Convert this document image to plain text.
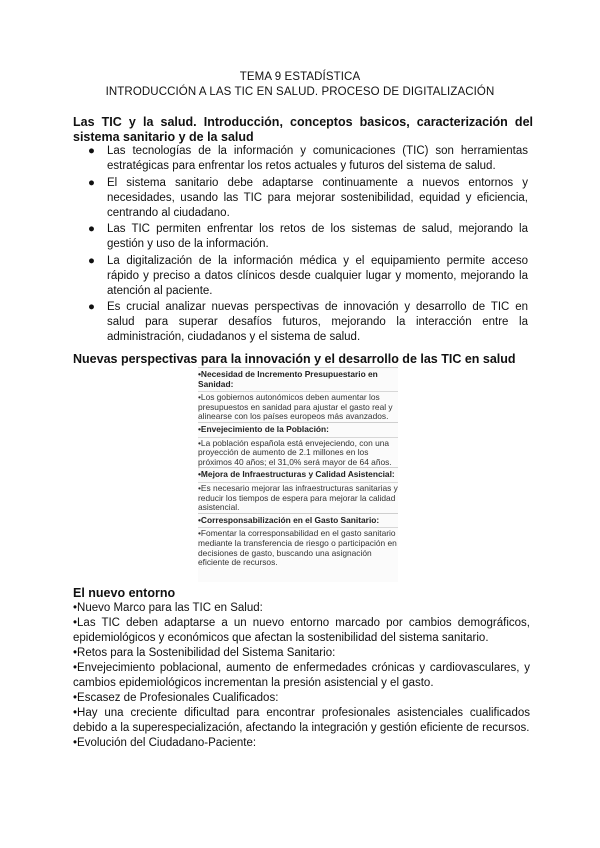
TEMA 9 ESTADÍSTICA
INTRODUCCIÓN A LAS TIC EN SALUD. PROCESO DE DIGITALIZACIÓN
Las TIC y la salud. Introducción, conceptos basicos, caracterización del sistema sanitario y de la salud
● Las tecnologías de la información y comunicaciones (TIC) son herramientas estratégicas para enfrentar los retos actuales y futuros del sistema de salud.
● El sistema sanitario debe adaptarse continuamente a nuevos entornos y necesidades, usando las TIC para mejorar sostenibilidad, equidad y eficiencia, centrando al ciudadano.
● Las TIC permiten enfrentar los retos de los sistemas de salud, mejorando la gestión y uso de la información.
● La digitalización de la información médica y el equipamiento permite acceso rápido y preciso a datos clínicos desde cualquier lugar y momento, mejorando la atención al paciente.
● Es crucial analizar nuevas perspectivas de innovación y desarrollo de TIC en salud para superar desafíos futuros, mejorando la interacción entre la administración, ciudadanos y el sistema de salud.
Nuevas perspectivas para la innovación y el desarrollo de las TIC en salud
•Necesidad de Incremento Presupuestario en Sanidad:
•Los gobiernos autonómicos deben aumentar los presupuestos en sanidad para ajustar el gasto real y alinearse con los países europeos más avanzados.
•Envejecimiento de la Población:
•La población española está envejeciendo, con una proyección de aumento de 2.1 millones en los próximos 40 años; el 31,0% será mayor de 64 años.
•Mejora de Infraestructuras y Calidad Asistencial:
•Es necesario mejorar las infraestructuras sanitarias y reducir los tiempos de espera para mejorar la calidad asistencial.
•Corresponsabilización en el Gasto Sanitario:
•Fomentar la corresponsabilidad en el gasto sanitario mediante la transferencia de riesgo o participación en decisiones de gasto, buscando una asignación eficiente de recursos.
El nuevo entorno

•Nuevo Marco para las TIC en Salud:

•Las TIC deben adaptarse a un nuevo entorno marcado por cambios demográficos, epidemiológicos y económicos que afectan la sostenibilidad del sistema sanitario.

•Retos para la Sostenibilidad del Sistema Sanitario:

•Envejecimiento poblacional, aumento de enfermedades crónicas y cardiovasculares, y cambios epidemiológicos incrementan la presión asistencial y el gasto.

•Escasez de Profesionales Cualificados:

•Hay una creciente dificultad para encontrar profesionales asistenciales cualificados debido a la superespecialización, afectando la integración y gestión eficiente de recursos.

•Evolución del Ciudadano-Paciente:
